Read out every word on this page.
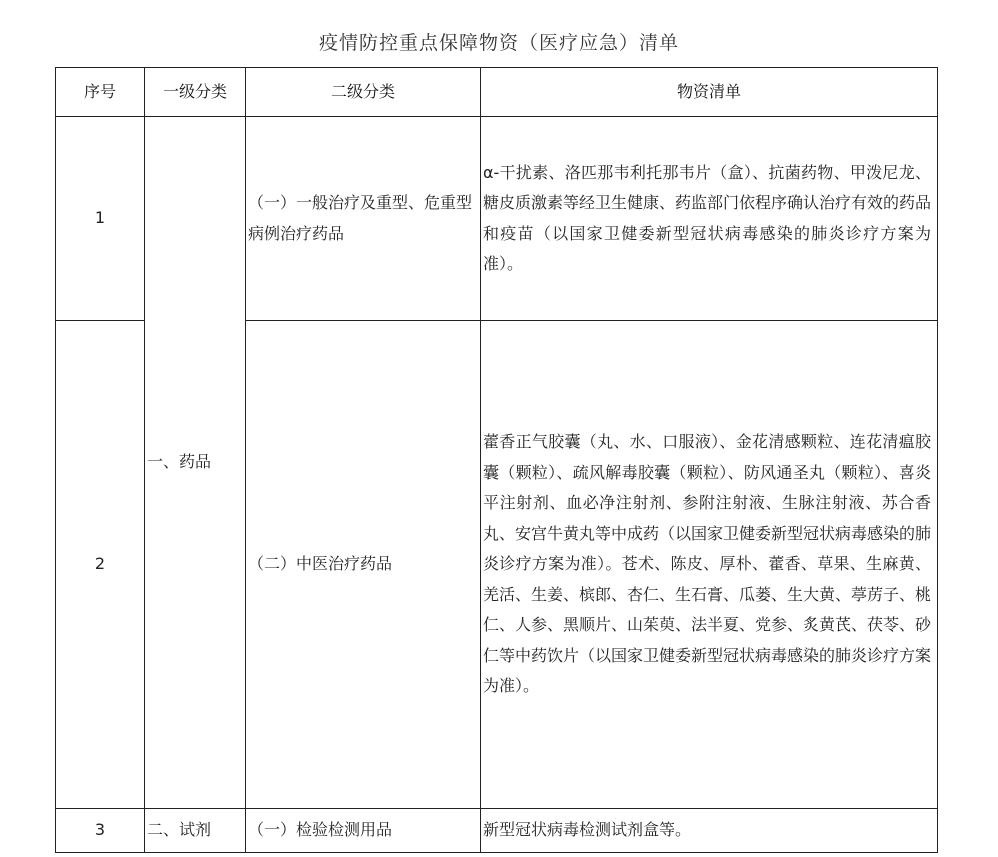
疫情防控重点保障物资（医疗应急）清单
序号	一级分类	二级分类	物资清单
1	一、药品	（一）一般治疗及重型、危重型病例治疗药品	α-干扰素、洛匹那韦利托那韦片（盒）、抗菌药物、甲泼尼龙、糖皮质激素等经卫生健康、药监部门依程序确认治疗有效的药品和疫苗（以国家卫健委新型冠状病毒感染的肺炎诊疗方案为准）。
2		（二）中医治疗药品	藿香正气胶囊（丸、水、口服液）、金花清感颗粒、连花清瘟胶囊（颗粒）、疏风解毒胶囊（颗粒）、防风通圣丸（颗粒）、喜炎平注射剂、血必净注射剂、参附注射液、生脉注射液、苏合香丸、安宫牛黄丸等中成药（以国家卫健委新型冠状病毒感染的肺炎诊疗方案为准）。苍术、陈皮、厚朴、藿香、草果、生麻黄、羌活、生姜、槟郎、杏仁、生石膏、瓜蒌、生大黄、葶苈子、桃仁、人参、黑顺片、山茱萸、法半夏、党参、炙黄芪、茯苓、砂仁等中药饮片（以国家卫健委新型冠状病毒感染的肺炎诊疗方案为准）。
3	二、试剂	（一）检验检测用品	新型冠状病毒检测试剂盒等。
